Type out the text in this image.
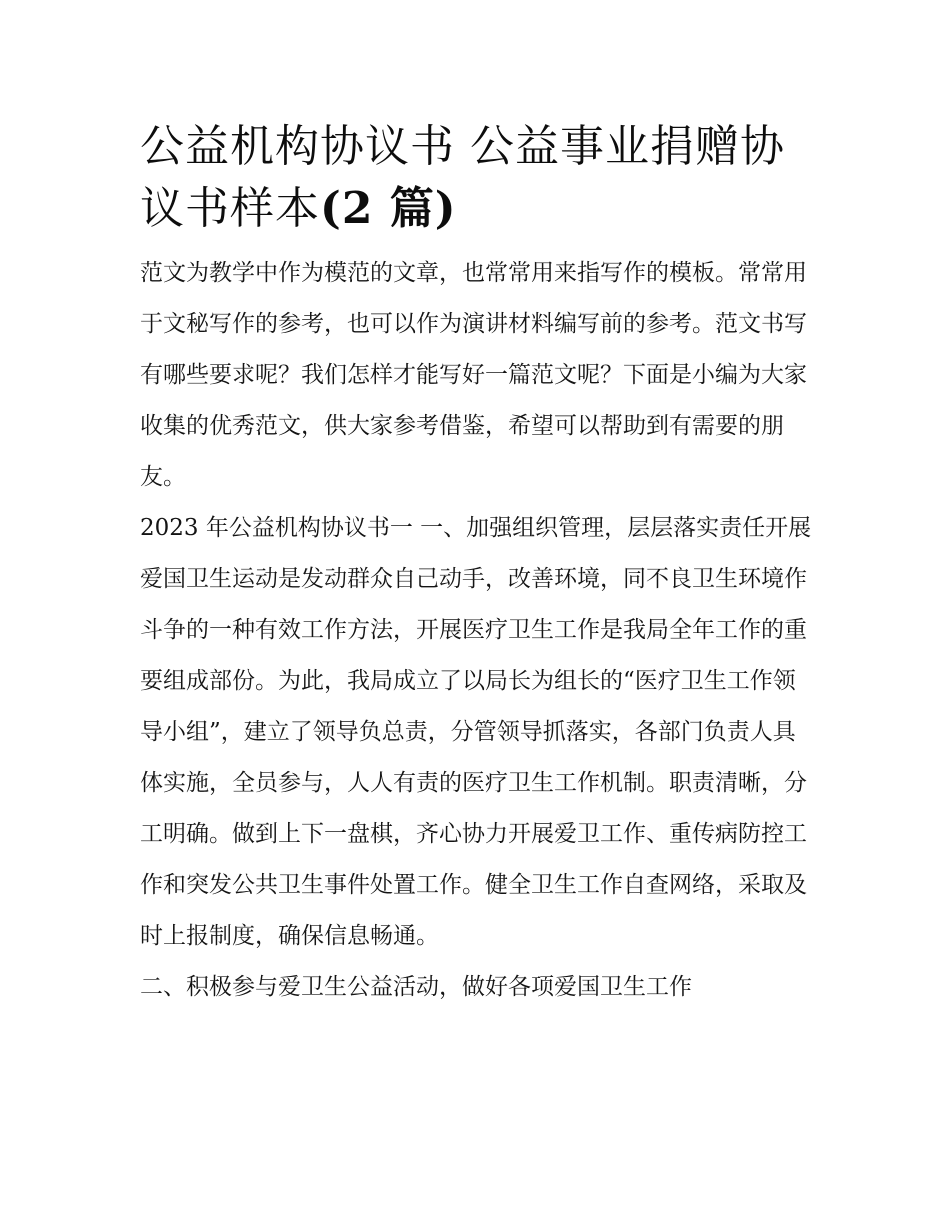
公益机构协议书 公益事业捐赠协议书样本(2 篇)

范文为教学中作为模范的文章，也常常用来指写作的模板。常常用于文秘写作的参考，也可以作为演讲材料编写前的参考。范文书写有哪些要求呢？我们怎样才能写好一篇范文呢？下面是小编为大家收集的优秀范文，供大家参考借鉴，希望可以帮助到有需要的朋友。

2023 年公益机构协议书一 一、加强组织管理，层层落实责任开展爱国卫生运动是发动群众自己动手，改善环境，同不良卫生环境作斗争的一种有效工作方法，开展医疗卫生工作是我局全年工作的重要组成部份。为此，我局成立了以局长为组长的“医疗卫生工作领导小组”，建立了领导负总责，分管领导抓落实，各部门负责人具体实施，全员参与，人人有责的医疗卫生工作机制。职责清晰，分工明确。做到上下一盘棋，齐心协力开展爱卫工作、重传病防控工作和突发公共卫生事件处置工作。健全卫生工作自查网络，采取及时上报制度，确保信息畅通。

二、积极参与爱卫生公益活动，做好各项爱国卫生工作
